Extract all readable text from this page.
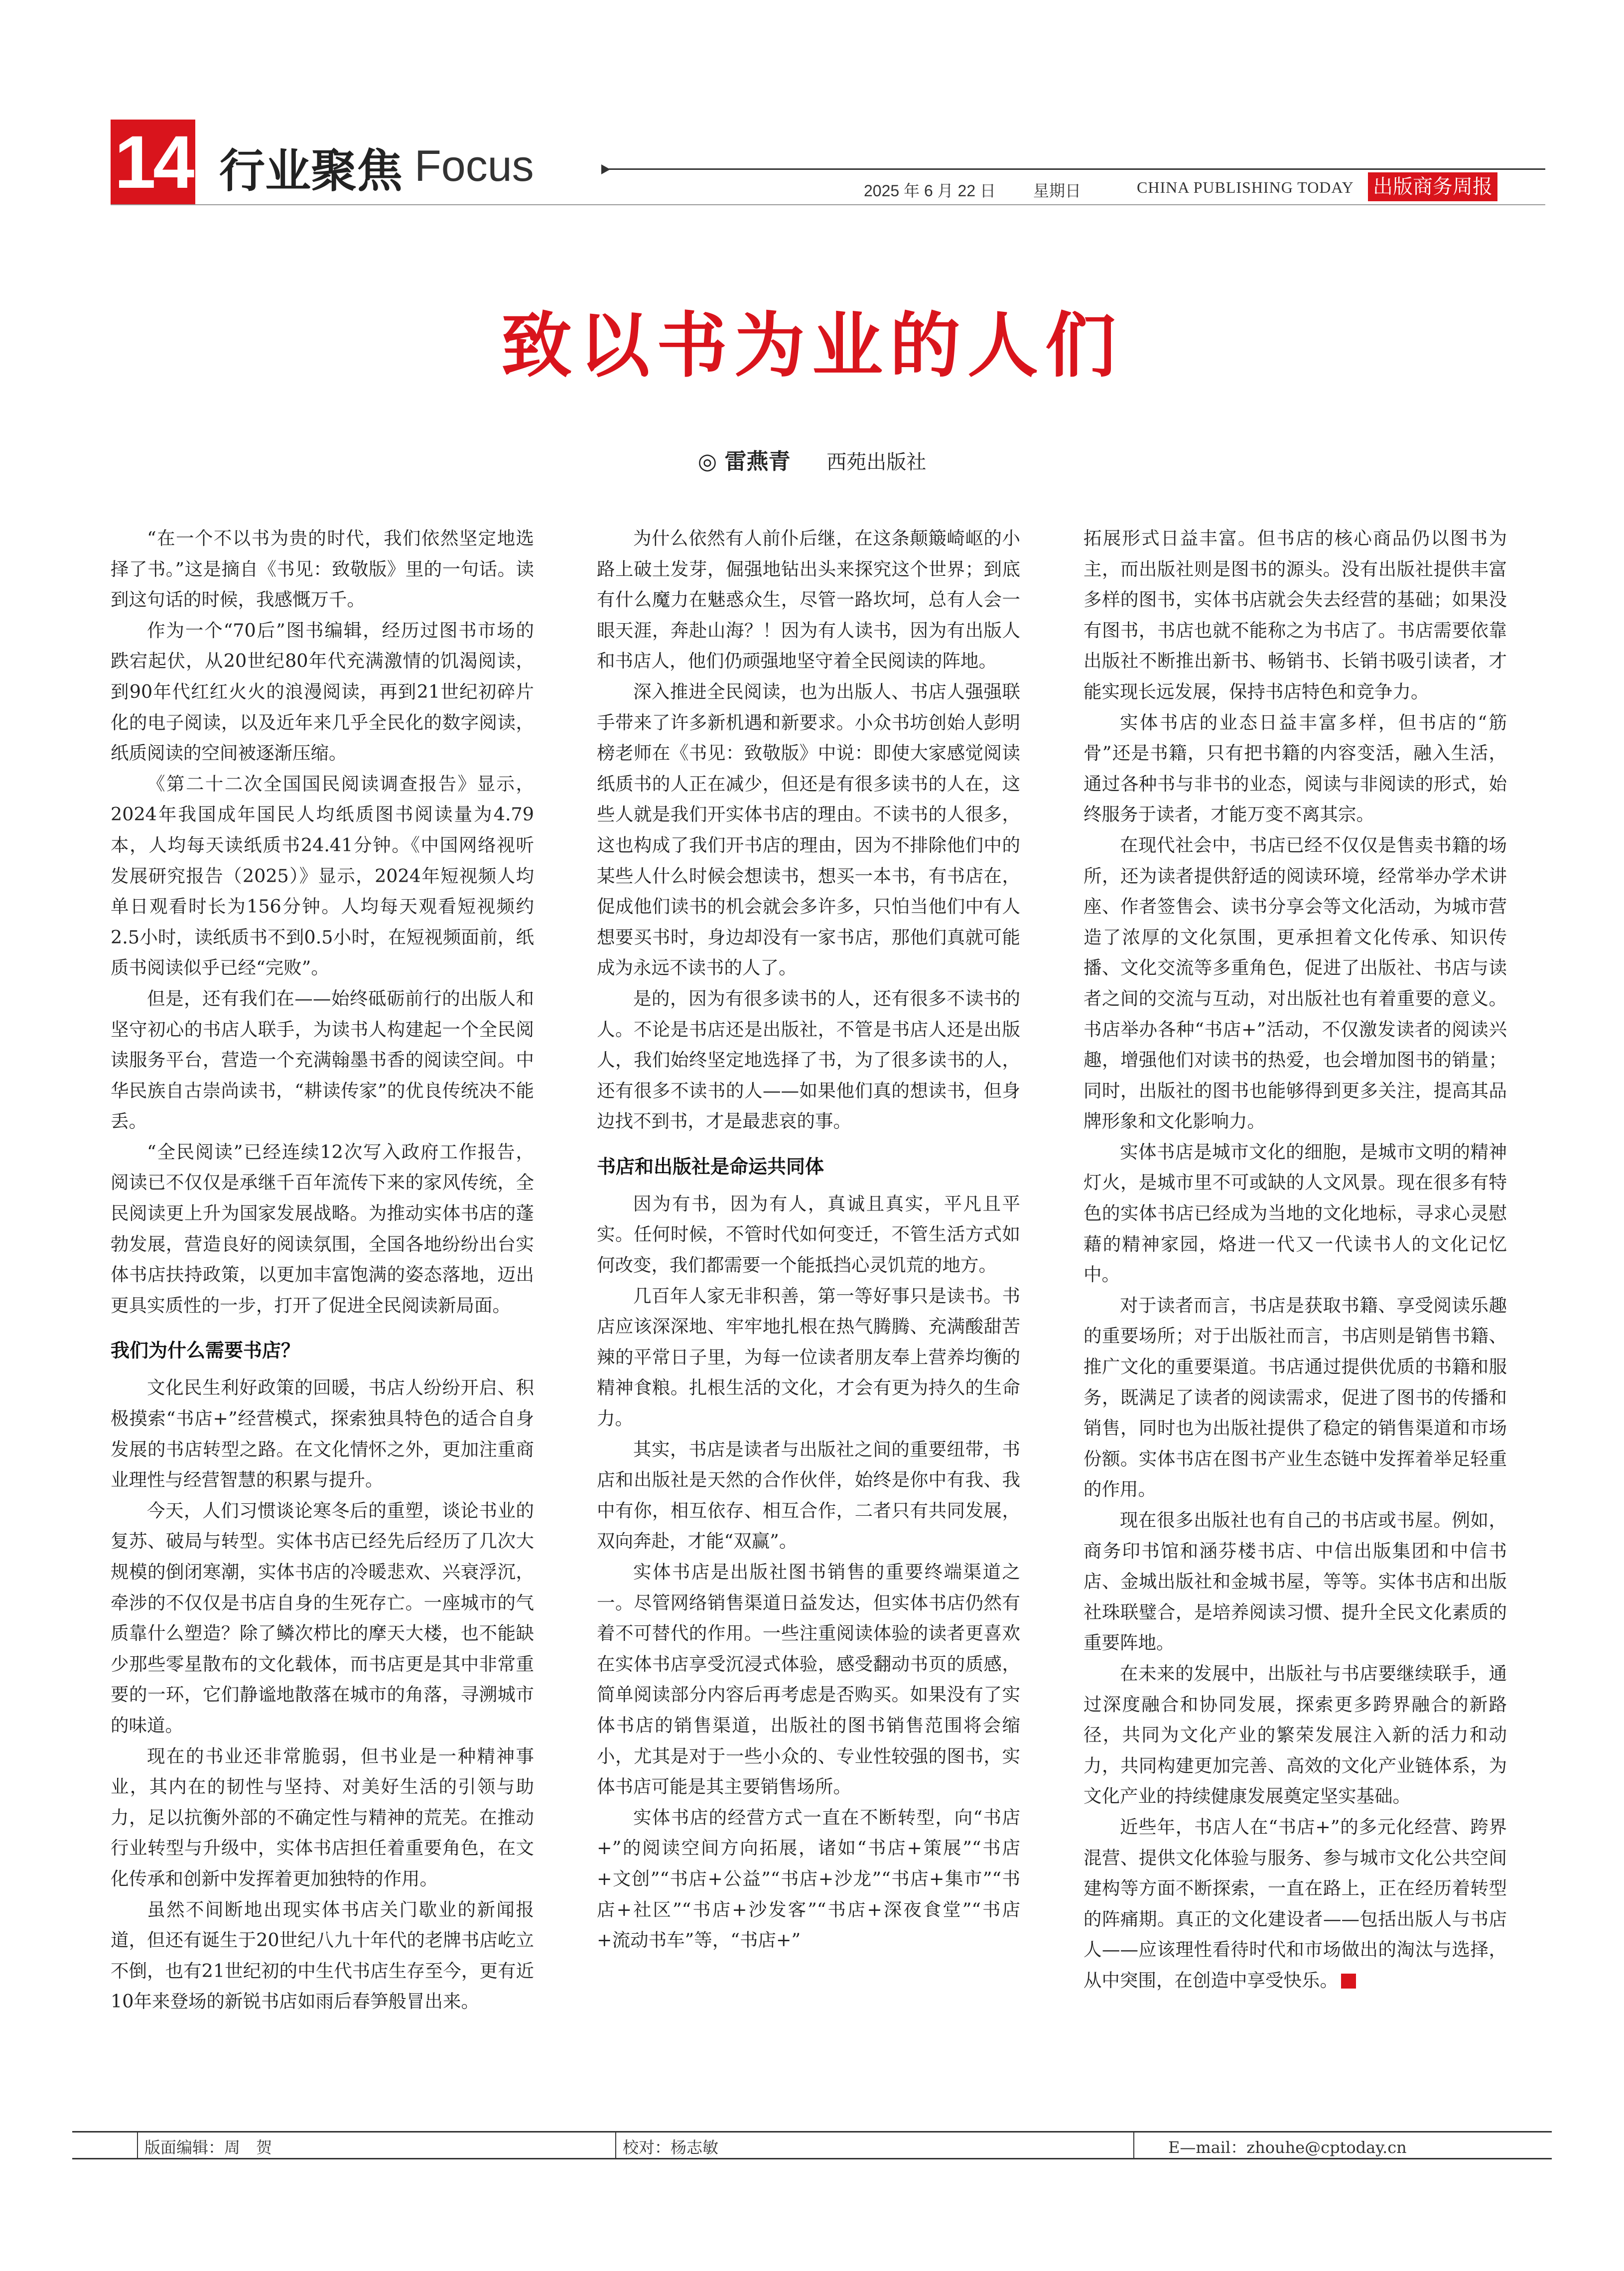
14 行业聚焦 Focus
2025 年 6 月 22 日 星期日	CHINA PUBLISHING TODAY 出版商务周报
致以书为业的人们
◎ 雷燕青 西苑出版社

“在一个不以书为贵的时代，我们依然坚定地选择了书。”这是摘自《书见：致敬版》里的一句话。读到这句话的时候，我感慨万千。

作为一个“70后”图书编辑，经历过图书市场的跌宕起伏，从20世纪80年代充满激情的饥渴阅读，到90年代红红火火的浪漫阅读，再到21世纪初碎片化的电子阅读，以及近年来几乎全民化的数字阅读，纸质阅读的空间被逐渐压缩。

《第二十二次全国国民阅读调查报告》显示，2024年我国成年国民人均纸质图书阅读量为4.79本，人均每天读纸质书24.41分钟。《中国网络视听发展研究报告（2025）》显示，2024年短视频人均单日观看时长为156分钟。人均每天观看短视频约2.5小时，读纸质书不到0.5小时，在短视频面前，纸质书阅读似乎已经“完败”。

但是，还有我们在——始终砥砺前行的出版人和坚守初心的书店人联手，为读书人构建起一个全民阅读服务平台，营造一个充满翰墨书香的阅读空间。中华民族自古崇尚读书，“耕读传家”的优良传统决不能丢。

“全民阅读”已经连续12次写入政府工作报告，阅读已不仅仅是承继千百年流传下来的家风传统，全民阅读更上升为国家发展战略。为推动实体书店的蓬勃发展，营造良好的阅读氛围，全国各地纷纷出台实体书店扶持政策，以更加丰富饱满的姿态落地，迈出更具实质性的一步，打开了促进全民阅读新局面。

我们为什么需要书店？

文化民生利好政策的回暖，书店人纷纷开启、积极摸索“书店+”经营模式，探索独具特色的适合自身发展的书店转型之路。在文化情怀之外，更加注重商业理性与经营智慧的积累与提升。

今天，人们习惯谈论寒冬后的重塑，谈论书业的复苏、破局与转型。实体书店已经先后经历了几次大规模的倒闭寒潮，实体书店的冷暖悲欢、兴衰浮沉，牵涉的不仅仅是书店自身的生死存亡。一座城市的气质靠什么塑造？除了鳞次栉比的摩天大楼，也不能缺少那些零星散布的文化载体，而书店更是其中非常重要的一环，它们静谧地散落在城市的角落，寻溯城市的味道。

现在的书业还非常脆弱，但书业是一种精神事业，其内在的韧性与坚持、对美好生活的引领与助力，足以抗衡外部的不确定性与精神的荒芜。在推动行业转型与升级中，实体书店担任着重要角色，在文化传承和创新中发挥着更加独特的作用。

虽然不间断地出现实体书店关门歇业的新闻报道，但还有诞生于20世纪八九十年代的老牌书店屹立不倒，也有21世纪初的中生代书店生存至今，更有近10年来登场的新锐书店如雨后春笋般冒出来。

为什么依然有人前仆后继，在这条颠簸崎岖的小路上破土发芽，倔强地钻出头来探究这个世界；到底有什么魔力在魅惑众生，尽管一路坎坷，总有人会一眼天涯，奔赴山海？！因为有人读书，因为有出版人和书店人，他们仍顽强地坚守着全民阅读的阵地。

深入推进全民阅读，也为出版人、书店人强强联手带来了许多新机遇和新要求。小众书坊创始人彭明榜老师在《书见：致敬版》中说：即使大家感觉阅读纸质书的人正在减少，但还是有很多读书的人在，这些人就是我们开实体书店的理由。不读书的人很多，这也构成了我们开书店的理由，因为不排除他们中的某些人什么时候会想读书，想买一本书，有书店在，促成他们读书的机会就会多许多，只怕当他们中有人想要买书时，身边却没有一家书店，那他们真就可能成为永远不读书的人了。

是的，因为有很多读书的人，还有很多不读书的人。不论是书店还是出版社，不管是书店人还是出版人，我们始终坚定地选择了书，为了很多读书的人，还有很多不读书的人——如果他们真的想读书，但身边找不到书，才是最悲哀的事。

书店和出版社是命运共同体

因为有书，因为有人，真诚且真实，平凡且平实。任何时候，不管时代如何变迁，不管生活方式如何改变，我们都需要一个能抵挡心灵饥荒的地方。

几百年人家无非积善，第一等好事只是读书。书店应该深深地、牢牢地扎根在热气腾腾、充满酸甜苦辣的平常日子里，为每一位读者朋友奉上营养均衡的精神食粮。扎根生活的文化，才会有更为持久的生命力。

其实，书店是读者与出版社之间的重要纽带，书店和出版社是天然的合作伙伴，始终是你中有我、我中有你，相互依存、相互合作，二者只有共同发展，双向奔赴，才能“双赢”。

实体书店是出版社图书销售的重要终端渠道之一。尽管网络销售渠道日益发达，但实体书店仍然有着不可替代的作用。一些注重阅读体验的读者更喜欢在实体书店享受沉浸式体验，感受翻动书页的质感，简单阅读部分内容后再考虑是否购买。如果没有了实体书店的销售渠道，出版社的图书销售范围将会缩小，尤其是对于一些小众的、专业性较强的图书，实体书店可能是其主要销售场所。

实体书店的经营方式一直在不断转型，向“书店+”的阅读空间方向拓展，诸如“书店+策展”“书店+文创”“书店+公益”“书店+沙龙”“书店+集市”“书店+社区”“书店+沙发客”“书店+深夜食堂”“书店+流动书车”等，“书店+”

拓展形式日益丰富。但书店的核心商品仍以图书为主，而出版社则是图书的源头。没有出版社提供丰富多样的图书，实体书店就会失去经营的基础；如果没有图书，书店也就不能称之为书店了。书店需要依靠出版社不断推出新书、畅销书、长销书吸引读者，才能实现长远发展，保持书店特色和竞争力。

实体书店的业态日益丰富多样，但书店的“筋骨”还是书籍，只有把书籍的内容变活，融入生活，通过各种书与非书的业态，阅读与非阅读的形式，始终服务于读者，才能万变不离其宗。

在现代社会中，书店已经不仅仅是售卖书籍的场所，还为读者提供舒适的阅读环境，经常举办学术讲座、作者签售会、读书分享会等文化活动，为城市营造了浓厚的文化氛围，更承担着文化传承、知识传播、文化交流等多重角色，促进了出版社、书店与读者之间的交流与互动，对出版社也有着重要的意义。书店举办各种“书店+”活动，不仅激发读者的阅读兴趣，增强他们对读书的热爱，也会增加图书的销量；同时，出版社的图书也能够得到更多关注，提高其品牌形象和文化影响力。

实体书店是城市文化的细胞，是城市文明的精神灯火，是城市里不可或缺的人文风景。现在很多有特色的实体书店已经成为当地的文化地标，寻求心灵慰藉的精神家园，烙进一代又一代读书人的文化记忆中。

对于读者而言，书店是获取书籍、享受阅读乐趣的重要场所；对于出版社而言，书店则是销售书籍、推广文化的重要渠道。书店通过提供优质的书籍和服务，既满足了读者的阅读需求，促进了图书的传播和销售，同时也为出版社提供了稳定的销售渠道和市场份额。实体书店在图书产业生态链中发挥着举足轻重的作用。

现在很多出版社也有自己的书店或书屋。例如，商务印书馆和涵芬楼书店、中信出版集团和中信书店、金城出版社和金城书屋，等等。实体书店和出版社珠联璧合，是培养阅读习惯、提升全民文化素质的重要阵地。

在未来的发展中，出版社与书店要继续联手，通过深度融合和协同发展，探索更多跨界融合的新路径，共同为文化产业的繁荣发展注入新的活力和动力，共同构建更加完善、高效的文化产业链体系，为文化产业的持续健康发展奠定坚实基础。

近些年，书店人在“书店+”的多元化经营、跨界混营、提供文化体验与服务、参与城市文化公共空间建构等方面不断探索，一直在路上，正在经历着转型的阵痛期。真正的文化建设者——包括出版人与书店人——应该理性看待时代和市场做出的淘汰与选择，从中突围，在创造中享受快乐。

版面编辑：周　贺	校对：杨志敏	E—mail：zhouhe@cptoday.cn
